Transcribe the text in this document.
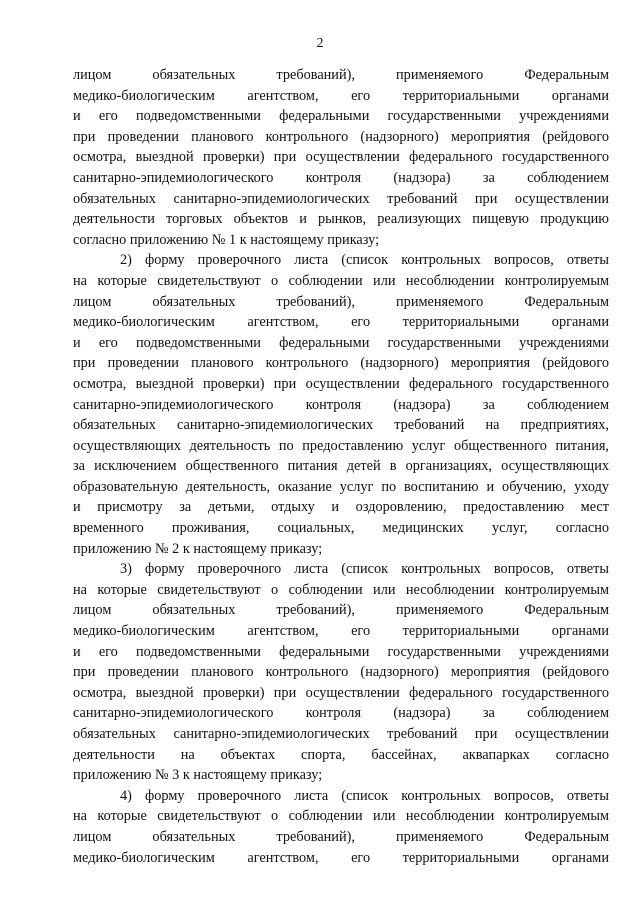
2
лицом обязательных требований), применяемого Федеральным
медико-биологическим агентством, его территориальными органами
и его подведомственными федеральными государственными учреждениями
при проведении планового контрольного (надзорного) мероприятия (рейдового
осмотра, выездной проверки) при осуществлении федерального государственного
санитарно-эпидемиологического контроля (надзора) за соблюдением
обязательных санитарно-эпидемиологических требований при осуществлении
деятельности торговых объектов и рынков, реализующих пищевую продукцию
согласно приложению № 1 к настоящему приказу;
2) форму проверочного листа (список контрольных вопросов, ответы
на которые свидетельствуют о соблюдении или несоблюдении контролируемым
лицом обязательных требований), применяемого Федеральным
медико-биологическим агентством, его территориальными органами
и его подведомственными федеральными государственными учреждениями
при проведении планового контрольного (надзорного) мероприятия (рейдового
осмотра, выездной проверки) при осуществлении федерального государственного
санитарно-эпидемиологического контроля (надзора) за соблюдением
обязательных санитарно-эпидемиологических требований на предприятиях,
осуществляющих деятельность по предоставлению услуг общественного питания,
за исключением общественного питания детей в организациях, осуществляющих
образовательную деятельность, оказание услуг по воспитанию и обучению, уходу
и присмотру за детьми, отдыху и оздоровлению, предоставлению мест
временного проживания, социальных, медицинских услуг, согласно
приложению № 2 к настоящему приказу;
3) форму проверочного листа (список контрольных вопросов, ответы
на которые свидетельствуют о соблюдении или несоблюдении контролируемым
лицом обязательных требований), применяемого Федеральным
медико-биологическим агентством, его территориальными органами
и его подведомственными федеральными государственными учреждениями
при проведении планового контрольного (надзорного) мероприятия (рейдового
осмотра, выездной проверки) при осуществлении федерального государственного
санитарно-эпидемиологического контроля (надзора) за соблюдением
обязательных санитарно-эпидемиологических требований при осуществлении
деятельности на объектах спорта, бассейнах, аквапарках согласно
приложению № 3 к настоящему приказу;
4) форму проверочного листа (список контрольных вопросов, ответы
на которые свидетельствуют о соблюдении или несоблюдении контролируемым
лицом обязательных требований), применяемого Федеральным
медико-биологическим агентством, его территориальными органами
